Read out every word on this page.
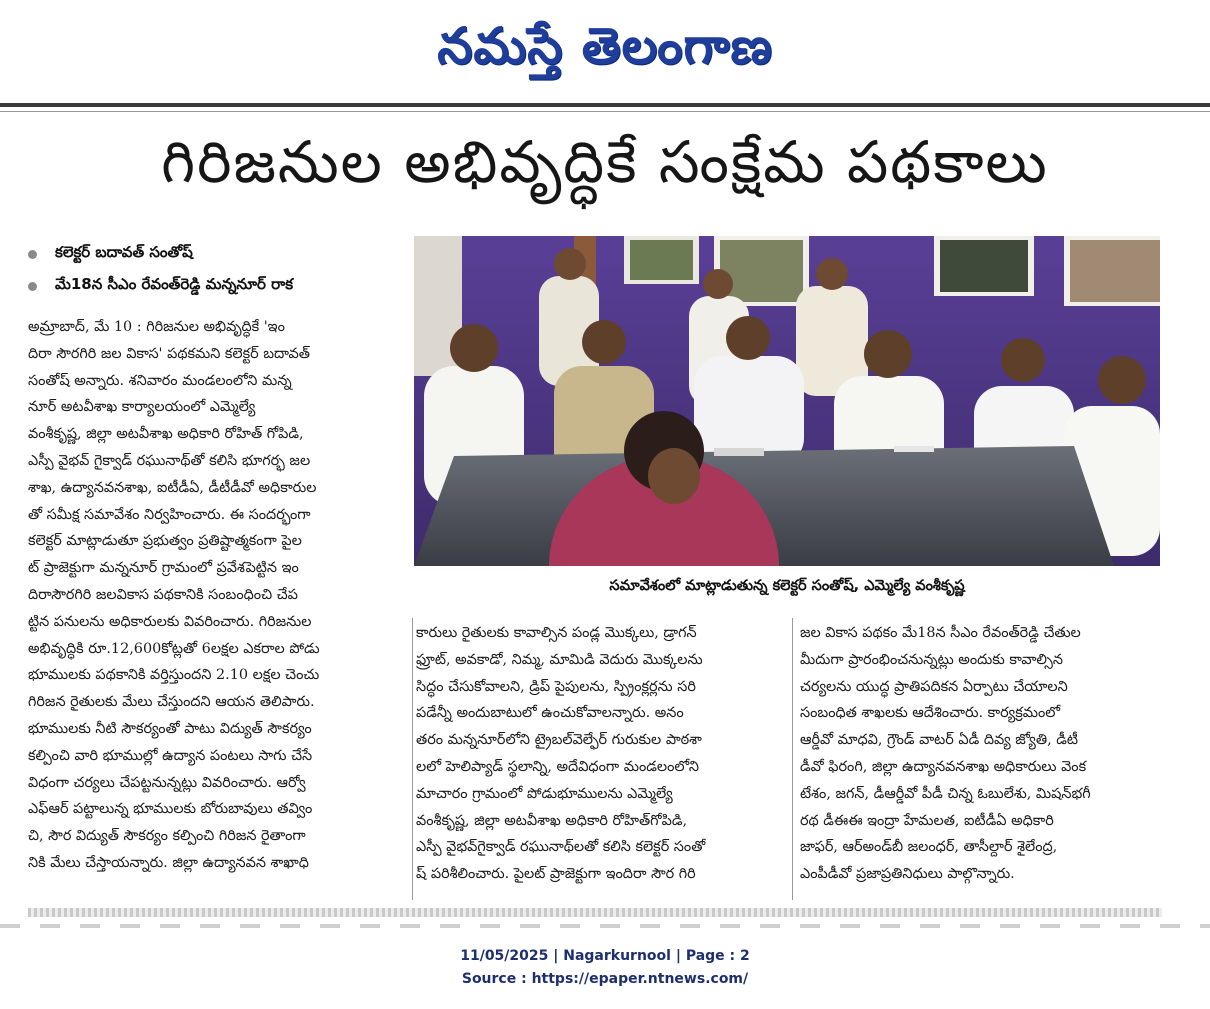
నమస్తే తెలంగాణ
గిరిజనుల అభివృద్ధికే సంక్షేమ పథకాలు
కలెక్టర్ బదావత్ సంతోష్
మే18న సీఎం రేవంత్‌రెడ్డి మన్ననూర్ రాక
అమ్రాబాద్, మే 10 : గిరిజనుల అభివృద్ధికే 'ఇం
దిరా సౌరగిరి జల వికాస' పథకమని కలెక్టర్ బదావత్
సంతోష్ అన్నారు. శనివారం మండలంలోని మన్న
నూర్ అటవీశాఖ కార్యాలయంలో ఎమ్మెల్యే
వంశీకృష్ణ, జిల్లా అటవీశాఖ అధికారి రోహిత్ గోపిడి,
ఎస్పీ వైభవ్ గైక్వాడ్ రఘునాథ్‌తో కలిసి భూగర్భ జల
శాఖ, ఉద్యానవనశాఖ, ఐటీడీఏ, డీటీడీవో అధికారుల
తో సమీక్ష సమావేశం నిర్వహించారు. ఈ సందర్భంగా
కలెక్టర్ మాట్లాడుతూ ప్రభుత్వం ప్రతిష్టాత్మకంగా పైల
ట్ ప్రాజెక్టుగా మన్ననూర్ గ్రామంలో ప్రవేశపెట్టిన ఇం
దిరాసౌరగిరి జలవికాస పథకానికి సంబంధించి చేప
ట్టిన పనులను అధికారులకు వివరించారు. గిరిజనుల
అభివృద్ధికి రూ.12,600కోట్లతో 6లక్షల ఎకరాల పోడు
భూములకు పథకానికి వర్తిస్తుందని 2.10 లక్షల చెంచు
గిరిజన రైతులకు మేలు చేస్తుందని ఆయన తెలిపారు.
భూములకు నీటి సౌకర్యంతో పాటు విద్యుత్ సౌకర్యం
కల్పించి వారి భూముల్లో ఉద్యాన పంటలు సాగు చేసే
విధంగా చర్యలు చేపట్టనున్నట్లు వివరించారు. ఆర్వో
ఎఫ్ఆర్ పట్టాలున్న భూములకు బోరుబావులు తవ్విం
చి, సౌర విద్యుత్ సౌకర్యం కల్పించి గిరిజన రైతాంగా
నికి మేలు చేస్తాయన్నారు. జిల్లా ఉద్యానవన శాఖాధి
సమావేశంలో మాట్లాడుతున్న కలెక్టర్ సంతోష్, ఎమ్మెల్యే వంశీకృష్ణ
కారులు రైతులకు కావాల్సిన పండ్ల మొక్కలు, డ్రాగన్
ఫ్రూట్, అవకాడో, నిమ్మ, మామిడి వెదురు మొక్కలను
సిద్ధం చేసుకోవాలని, డ్రిప్ పైపులను, స్ప్రింక్లర్లను సరి
పడేన్నీ అందుబాటులో ఉంచుకోవాలన్నారు. అనం
తరం మన్ననూర్‌లోని ట్రైబల్‌వెల్ఫేర్ గురుకుల పాఠశా
లలో హెలిప్యాడ్ స్థలాన్ని, అదేవిధంగా మండలంలోని
మాచారం గ్రామంలో పోడుభూములను ఎమ్మెల్యే
వంశీకృష్ణ, జిల్లా అటవీశాఖ అధికారి రోహిత్‌గోపిడి,
ఎస్పీ వైభవ్‌గైక్వాడ్ రఘునాథ్‌లతో కలిసి కలెక్టర్ సంతో
ష్ పరిశీలించారు. పైలట్ ప్రాజెక్టుగా ఇందిరా సౌర గిరి
జల వికాస పథకం మే18న సీఎం రేవంత్‌రెడ్డి చేతుల
మీదుగా ప్రారంభించనున్నట్లు అందుకు కావాల్సిన
చర్యలను యుద్ధ ప్రాతిపదికన ఏర్పాటు చేయాలని
సంబంధిత శాఖలకు ఆదేశించారు. కార్యక్రమంలో
ఆర్డీవో మాధవి, గ్రౌండ్ వాటర్ ఏడీ దివ్య జ్యోతి, డీటీ
డీవో ఫిరంగి, జిల్లా ఉద్యానవనశాఖ అధికారులు వెంక
టేశం, జగన్, డీఆర్డీవో పీడీ చిన్న ఓబులేశు, మిషన్‌భగీ
రథ డీఈఈ ఇంద్రా హేమలత, ఐటీడీఏ అధికారి
జాఫర్, ఆర్అండ్‌బీ జలంధర్, తాసీల్దార్ శైలేంద్ర,
ఎంపీడీవో ప్రజాప్రతినిధులు పాల్గొన్నారు.
11/05/2025 | Nagarkurnool | Page : 2
Source : https://epaper.ntnews.com/
